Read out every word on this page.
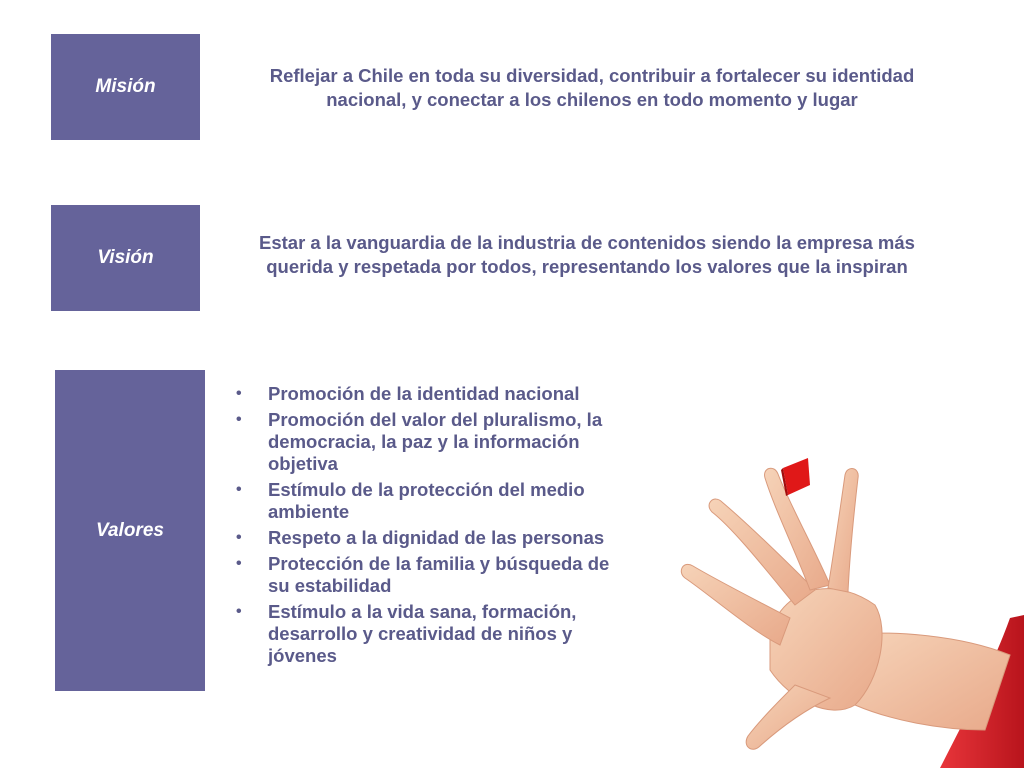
Misión
Reflejar a Chile en toda su diversidad, contribuir a fortalecer su identidad
nacional, y conectar a los chilenos en todo momento y lugar
Visión
Estar a la vanguardia de la industria de contenidos siendo la empresa más
querida y respetada por todos, representando los valores que la inspiran
Valores
• Promoción de la identidad nacional
• Promoción del valor del pluralismo, la democracia, la paz y la información objetiva
• Estímulo de la protección del medio ambiente
• Respeto a la dignidad de las personas
• Protección de la familia y búsqueda de su estabilidad
• Estímulo a la vida sana, formación, desarrollo y creatividad de niños y jóvenes
